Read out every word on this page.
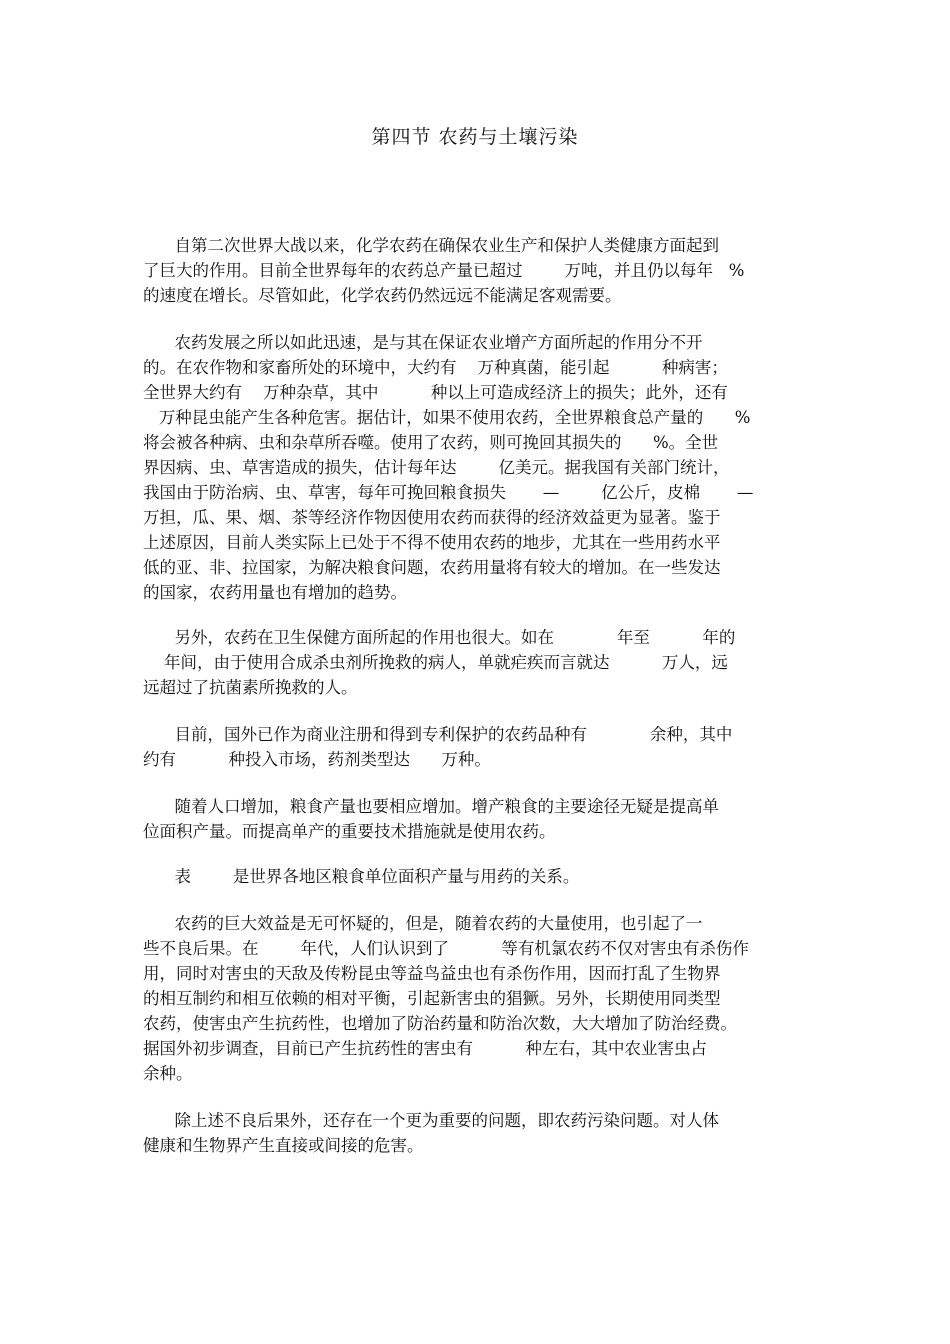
第四节 农药与土壤污染
自第二次世界大战以来，化学农药在确保农业生产和保护人类健康方面起到
了巨大的作用。目前全世界每年的农药总产量已超过        万吨，并且仍以每年   %
的速度在增长。尽管如此，化学农药仍然远远不能满足客观需要。
农药发展之所以如此迅速，是与其在保证农业增产方面所起的作用分不开
的。在农作物和家畜所处的环境中，大约有    万种真菌，能引起          种病害；
全世界大约有    万种杂草，其中          种以上可造成经济上的损失；此外，还有
万种昆虫能产生各种危害。据估计，如果不使用农药，全世界粮食总产量的      %
将会被各种病、虫和杂草所吞噬。使用了农药，则可挽回其损失的      %。全世
界因病、虫、草害造成的损失，估计每年达        亿美元。据我国有关部门统计，
我国由于防治病、虫、草害，每年可挽回粮食损失       —        亿公斤，皮棉       —
万担，瓜、果、烟、茶等经济作物因使用农药而获得的经济效益更为显著。鉴于
上述原因，目前人类实际上已处于不得不使用农药的地步，尤其在一些用药水平
低的亚、非、拉国家，为解决粮食问题，农药用量将有较大的增加。在一些发达
的国家，农药用量也有增加的趋势。
另外，农药在卫生保健方面所起的作用也很大。如在            年至          年的
年间，由于使用合成杀虫剂所挽救的病人，单就疟疾而言就达          万人，远
远超过了抗菌素所挽救的人。
目前，国外已作为商业注册和得到专利保护的农药品种有            余种，其中
约有          种投入市场，药剂类型达      万种。
随着人口增加，粮食产量也要相应增加。增产粮食的主要途径无疑是提高单
位面积产量。而提高单产的重要技术措施就是使用农药。
表        是世界各地区粮食单位面积产量与用药的关系。
农药的巨大效益是无可怀疑的，但是，随着农药的大量使用，也引起了一
些不良后果。在        年代，人们认识到了          等有机氯农药不仅对害虫有杀伤作
用，同时对害虫的天敌及传粉昆虫等益鸟益虫也有杀伤作用，因而打乱了生物界
的相互制约和相互依赖的相对平衡，引起新害虫的猖獗。另外，长期使用同类型
农药，使害虫产生抗药性，也增加了防治药量和防治次数，大大增加了防治经费。
据国外初步调查，目前已产生抗药性的害虫有          种左右，其中农业害虫占
余种。
除上述不良后果外，还存在一个更为重要的问题，即农药污染问题。对人体
健康和生物界产生直接或间接的危害。
